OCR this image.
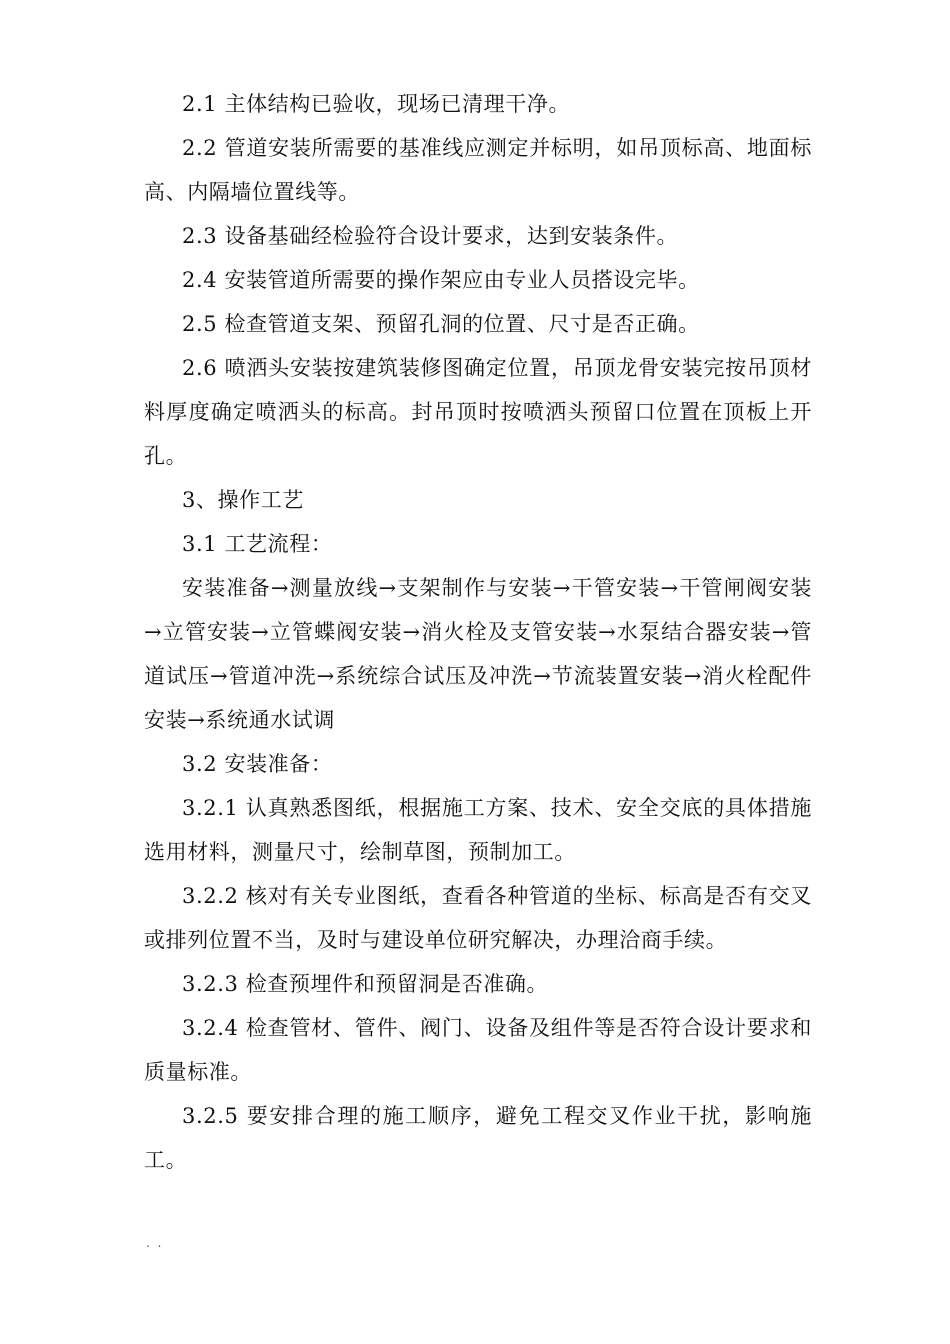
2.1 主体结构已验收，现场已清理干净。

2.2 管道安装所需要的基准线应测定并标明，如吊顶标高、地面标高、内隔墙位置线等。

2.3 设备基础经检验符合设计要求，达到安装条件。

2.4 安装管道所需要的操作架应由专业人员搭设完毕。

2.5 检查管道支架、预留孔洞的位置、尺寸是否正确。

2.6 喷洒头安装按建筑装修图确定位置，吊顶龙骨安装完按吊顶材料厚度确定喷洒头的标高。封吊顶时按喷洒头预留口位置在顶板上开孔。

3、操作工艺

3.1 工艺流程：

安装准备→测量放线→支架制作与安装→干管安装→干管闸阀安装→立管安装→立管蝶阀安装→消火栓及支管安装→水泵结合器安装→管道试压→管道冲洗→系统综合试压及冲洗→节流装置安装→消火栓配件安装→系统通水试调

3.2 安装准备：

3.2.1 认真熟悉图纸，根据施工方案、技术、安全交底的具体措施选用材料，测量尺寸，绘制草图，预制加工。

3.2.2 核对有关专业图纸，查看各种管道的坐标、标高是否有交叉或排列位置不当，及时与建设单位研究解决，办理洽商手续。

3.2.3 检查预埋件和预留洞是否准确。

3.2.4 检查管材、管件、阀门、设备及组件等是否符合设计要求和质量标准。

3.2.5 要安排合理的施工顺序，避免工程交叉作业干扰，影响施工。

. .
